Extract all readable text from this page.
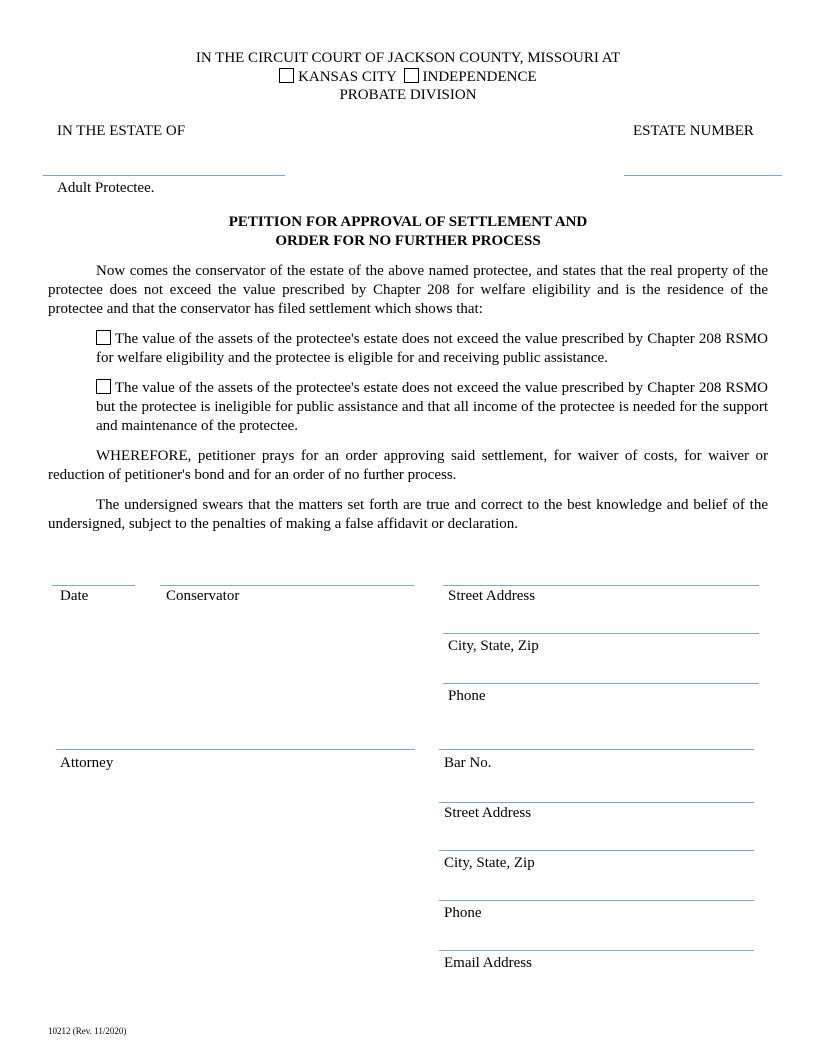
IN THE CIRCUIT COURT OF JACKSON COUNTY, MISSOURI AT
KANSAS CITY INDEPENDENCE
PROBATE DIVISION
IN THE ESTATE OF	ESTATE NUMBER
Adult Protectee.
PETITION FOR APPROVAL OF SETTLEMENT AND
ORDER FOR NO FURTHER PROCESS
Now comes the conservator of the estate of the above named protectee, and states that the real property of the protectee does not exceed the value prescribed by Chapter 208 for welfare eligibility and is the residence of the protectee and that the conservator has filed settlement which shows that:
The value of the assets of the protectee's estate does not exceed the value prescribed by Chapter 208 RSMO for welfare eligibility and the protectee is eligible for and receiving public assistance.
The value of the assets of the protectee's estate does not exceed the value prescribed by Chapter 208 RSMO but the protectee is ineligible for public assistance and that all income of the protectee is needed for the support and maintenance of the protectee.
WHEREFORE, petitioner prays for an order approving said settlement, for waiver of costs, for waiver or reduction of petitioner's bond and for an order of no further process.
The undersigned swears that the matters set forth are true and correct to the best knowledge and belief of the undersigned, subject to the penalties of making a false affidavit or declaration.
Date	Conservator	Street Address
City, State, Zip
Phone
Attorney	Bar No.
Street Address
City, State, Zip
Phone
Email Address
10212 (Rev. 11/2020)
